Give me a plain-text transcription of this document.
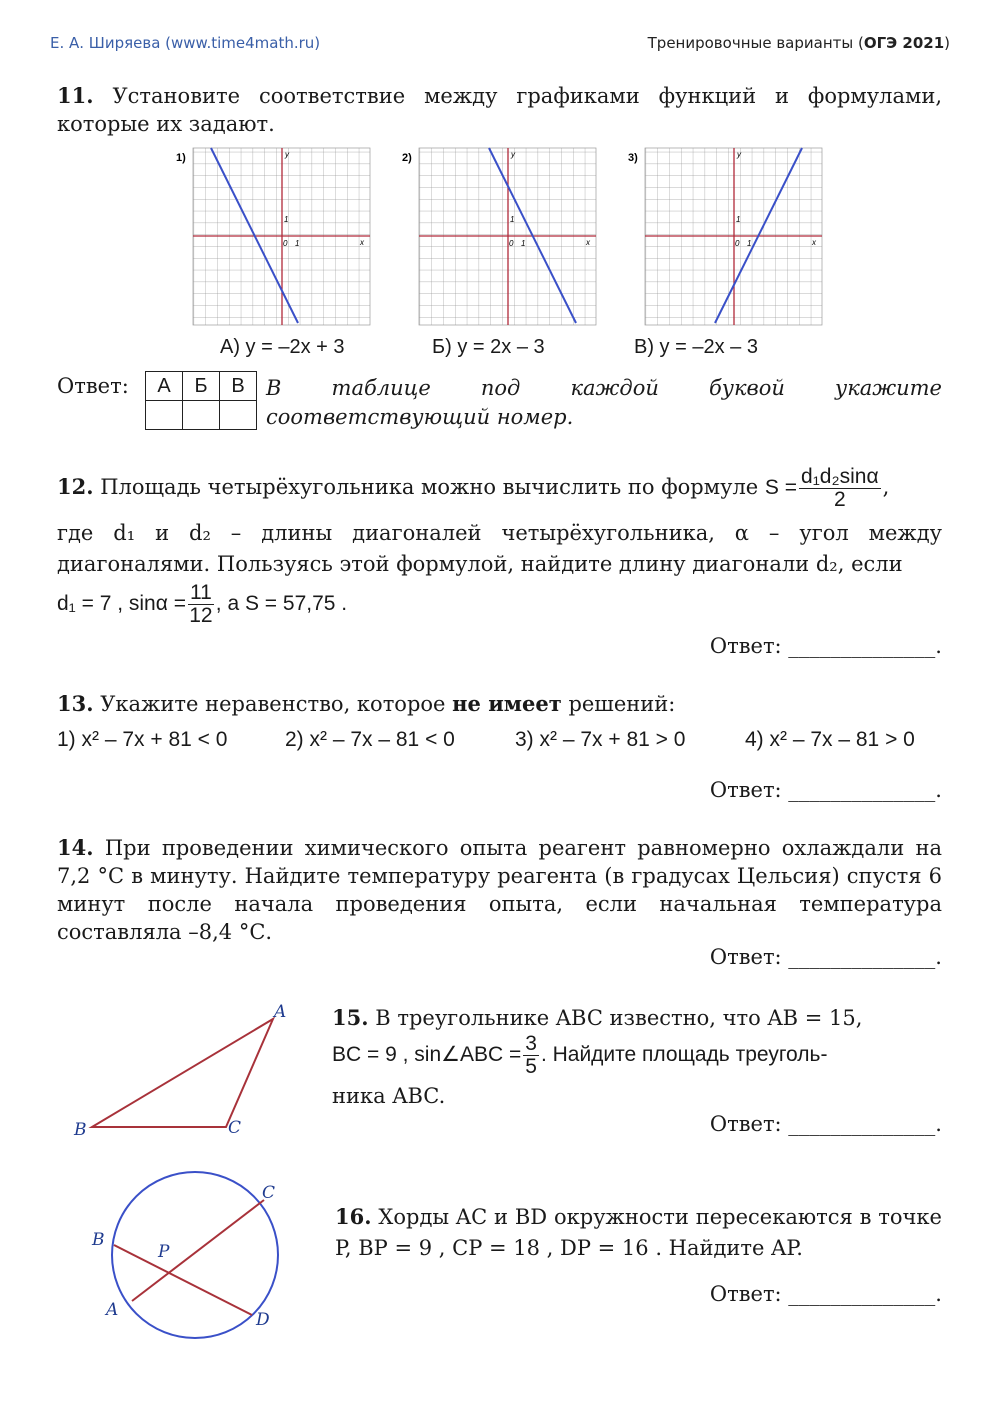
Е. А. Ширяева (www.time4math.ru)	Тренировочные варианты (ОГЭ 2021)
11. Установите соответствие между графиками функций и формулами, которые их задают.
1)	y
x
0 1
1
2)	y
x
0 1
1
3)	y
x
0 1
1
А) y = –2x + 3	Б) y = 2x – 3	В) y = –2x – 3
Ответ: А	Б	В
		В таблице под каждой буквой укажите соответствующий номер.
12. Площадь четырёхугольника можно вычислить по формуле $S = \frac{\text{d₁d₂sinα}}{2}$ ,
где d₁ и d₂ – длины диагоналей четырёхугольника, α – угол между диагоналями. Пользуясь этой формулой, найдите длину диагонали d₂, если
d₁ = 7 , $\sin\alpha = \frac{11}{12}$ , а S = 57,75 .
Ответ: ______________.
13. Укажите неравенство, которое не имеет решений:
1) x² – 7x + 81 < 0	2) x² – 7x – 81 < 0	3) x² – 7x + 81 > 0	4) x² – 7x – 81 > 0
Ответ: ______________.
14. При проведении химического опыта реагент равномерно охлаждали на 7,2 °С в минуту. Найдите температуру реагента (в градусах Цельсия) спустя 6 минут после начала проведения опыта, если начальная температура составляла –8,4 °С.
Ответ: ______________.
A
B	C
15. В треугольнике ABC известно, что AB = 15,
BC = 9 , sin∠ABC = $\frac{3}{5}$ . Найдите площадь треуголь-
ника ABC.
Ответ: ______________.
C
B
P
A	D
16. Хорды AC и BD окружности пересекаются в точке P, BP = 9 , CP = 18 , DP = 16 . Найдите AP.
Ответ: ______________.
